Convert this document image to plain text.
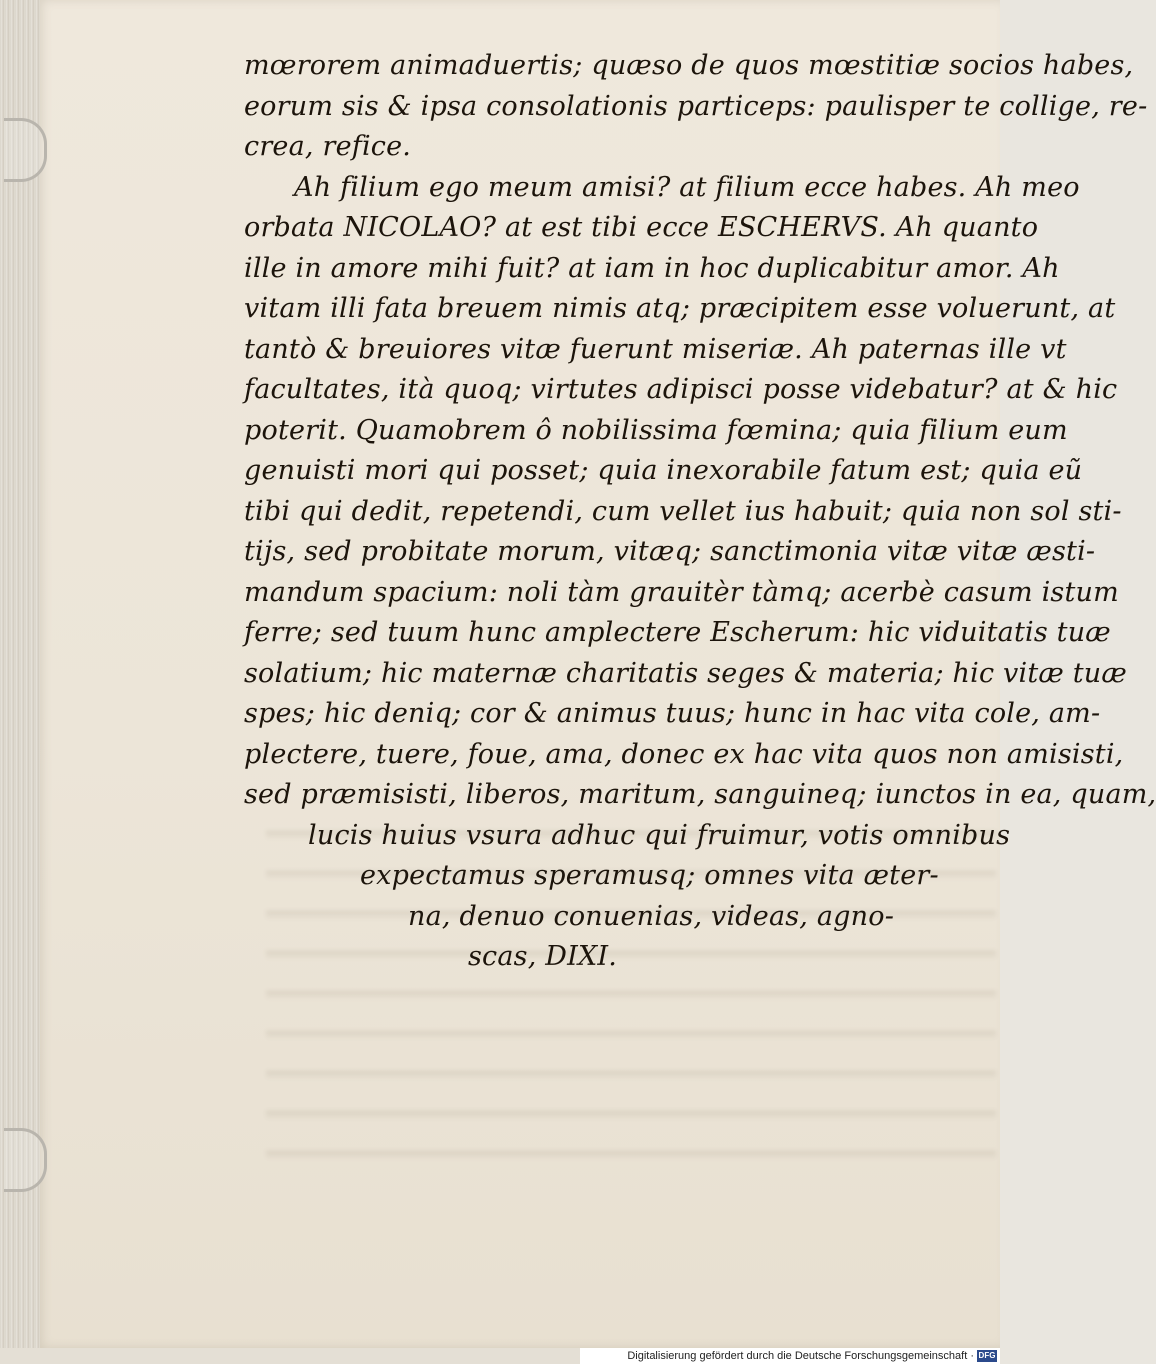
mœrorem animaduertis; quæso de quos mœstitiæ socios habes,
eorum sis & ipsa consolationis particeps: paulisper te collige, re-
crea, refice.
Ah filium ego meum amisi? at filium ecce habes. Ah meo
orbata NICOLAO? at est tibi ecce ESCHERVS. Ah quanto
ille in amore mihi fuit? at iam in hoc duplicabitur amor. Ah
vitam illi fata breuem nimis atq; præcipitem esse voluerunt, at
tantò & breuiores vitæ fuerunt miseriæ. Ah paternas ille vt
facultates, ità quoq; virtutes adipisci posse videbatur? at & hic
poterit. Quamobrem ô nobilissima fœmina; quia filium eum
genuisti mori qui posset; quia inexorabile fatum est; quia eũ
tibi qui dedit, repetendi, cum vellet ius habuit; quia non sol sti-
tijs, sed probitate morum, vitæq; sanctimonia vitæ vitæ æsti-
mandum spacium: noli tàm grauitèr tàmq; acerbè casum istum
ferre; sed tuum hunc amplectere Escherum: hic viduitatis tuæ
solatium; hic maternæ charitatis seges & materia; hic vitæ tuæ
spes; hic deniq; cor & animus tuus; hunc in hac vita cole, am-
plectere, tuere, foue, ama, donec ex hac vita quos non amisisti,
sed præmisisti, liberos, maritum, sanguineq; iunctos in ea, quam,
lucis huius vsura adhuc qui fruimur, votis omnibus
expectamus speramusq; omnes vita æter-
na, denuo conuenias, videas, agno-
scas, DIXI.
Digitalisierung gefördert durch die Deutsche Forschungsgemeinschaft · DFG
